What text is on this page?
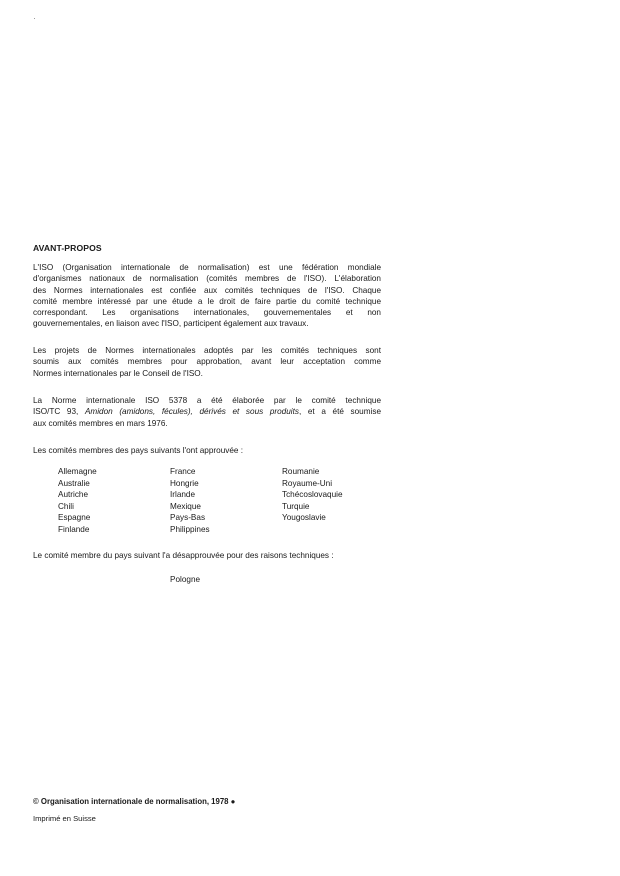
AVANT-PROPOS
L'ISO (Organisation internationale de normalisation) est une fédération mondiale
d'organismes nationaux de normalisation (comités membres de l'ISO). L'élaboration
des Normes internationales est confiée aux comités techniques de l'ISO. Chaque
comité membre intéressé par une étude a le droit de faire partie du comité technique
correspondant. Les organisations internationales, gouvernementales et non
gouvernementales, en liaison avec l'ISO, participent également aux travaux.
Les projets de Normes internationales adoptés par les comités techniques sont
soumis aux comités membres pour approbation, avant leur acceptation comme
Normes internationales par le Conseil de l'ISO.
La Norme internationale ISO 5378 a été élaborée par le comité technique
ISO/TC 93, Amidon (amidons, fécules), dérivés et sous produits, et a été soumise
aux comités membres en mars 1976.
Les comités membres des pays suivants l'ont approuvée :
Allemagne
Australie
Autriche
Chili
Espagne
Finlande
France
Hongrie
Irlande
Mexique
Pays-Bas
Philippines
Roumanie
Royaume-Uni
Tchécoslovaquie
Turquie
Yougoslavie
Le comité membre du pays suivant l'a désapprouvée pour des raisons techniques :
Pologne
© Organisation internationale de normalisation, 1978 ●
Imprimé en Suisse
